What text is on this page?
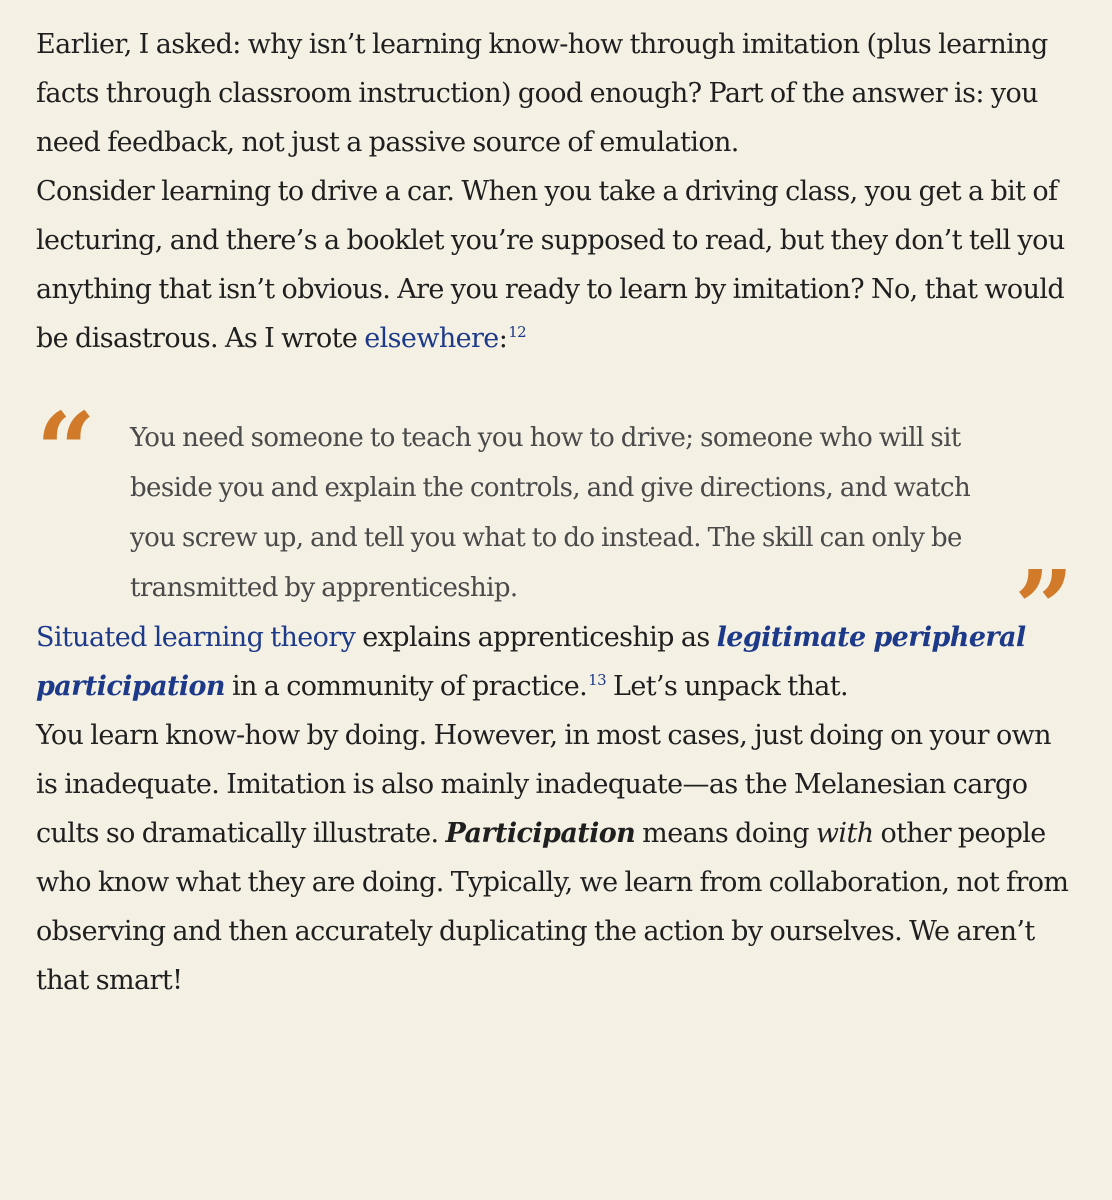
Earlier, I asked: why isn’t learning know-how through imitation (plus learning facts through classroom instruction) good enough? Part of the answer is: you need feedback, not just a passive source of emulation.

Consider learning to drive a car. When you take a driving class, you get a bit of lecturing, and there’s a booklet you’re supposed to read, but they don’t tell you anything that isn’t obvious. Are you ready to learn by imitation? No, that would be disastrous. As I wrote elsewhere:$^{12}$

“ You need someone to teach you how to drive; someone who will sit beside you and explain the controls, and give directions, and watch you screw up, and tell you what to do instead. The skill can only be transmitted by apprenticeship.	”

Situated learning theory explains apprenticeship as legitimate peripheral participation in a community of practice.$^{13}$ Let’s unpack that.

You learn know-how by doing. However, in most cases, just doing on your own is inadequate. Imitation is also mainly inadequate—as the Melanesian cargo cults so dramatically illustrate. Participation means doing with other people who know what they are doing. Typically, we learn from collaboration, not from observing and then accurately duplicating the action by ourselves. We aren’t that smart!
